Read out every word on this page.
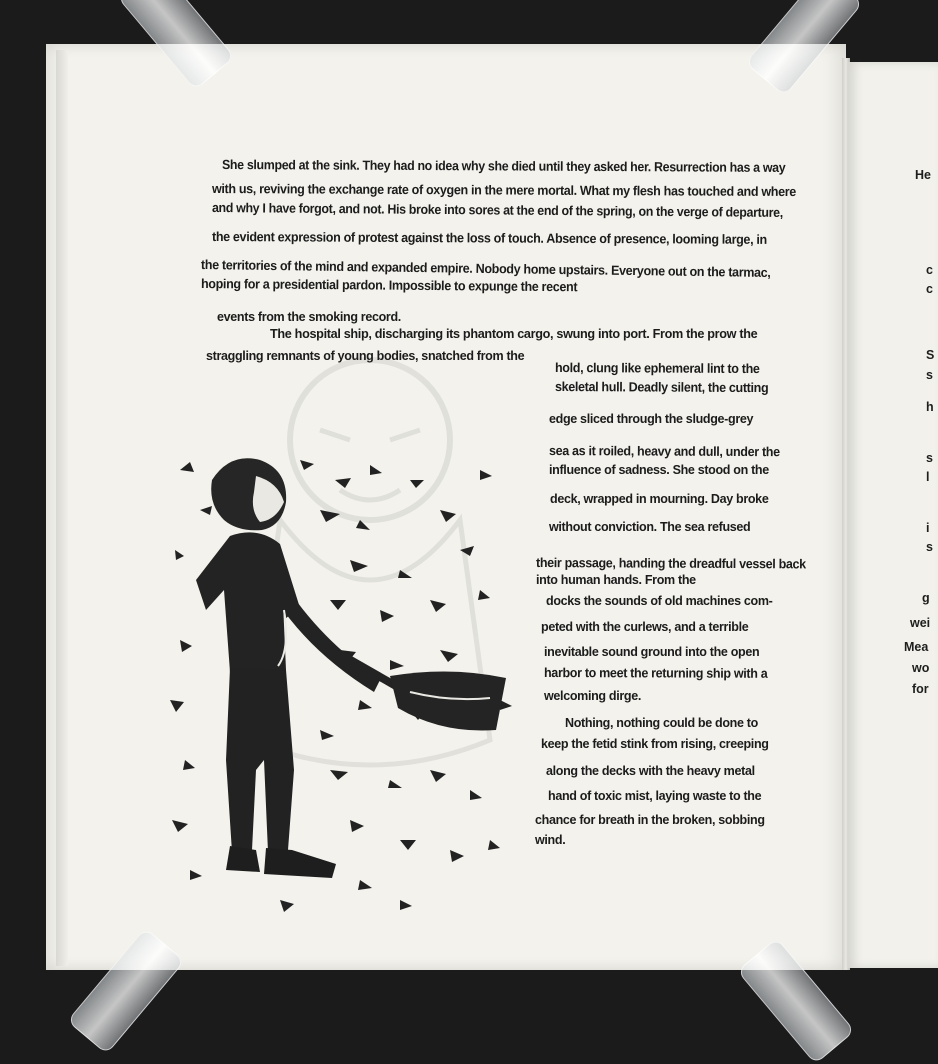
She slumped at the sink. They had no idea why she died until they asked her. Resurrection has a way
with us, reviving the exchange rate of oxygen in the mere mortal. What my flesh has touched and where
and why I have forgot, and not. His broke into sores at the end of the spring, on the verge of departure,
the evident expression of protest against the loss of touch. Absence of presence, looming large, in
the territories of the mind and expanded empire. Nobody home upstairs. Everyone out on the tarmac,
hoping for a presidential pardon. Impossible to expunge the recent
events from the smoking record.
The hospital ship, discharging its phantom cargo, swung into port. From the prow the
straggling remnants of young bodies, snatched from the
hold, clung like ephemeral lint to the
skeletal hull. Deadly silent, the cutting
edge sliced through the sludge-grey
sea as it roiled, heavy and dull, under the
influence of sadness. She stood on the
deck, wrapped in mourning. Day broke
without conviction. The sea refused
their passage, handing the dreadful vessel back
into human hands. From the
docks the sounds of old machines com-
peted with the curlews, and a terrible
inevitable sound ground into the open
harbor to meet the returning ship with a
welcoming dirge.
Nothing, nothing could be done to
keep the fetid stink from rising, creeping
along the decks with the heavy metal
hand of toxic mist, laying waste to the
chance for breath in the broken, sobbing
wind.
He
c
c
S
s
h
s
l
i
s
g
wei
Mea
wo
for
